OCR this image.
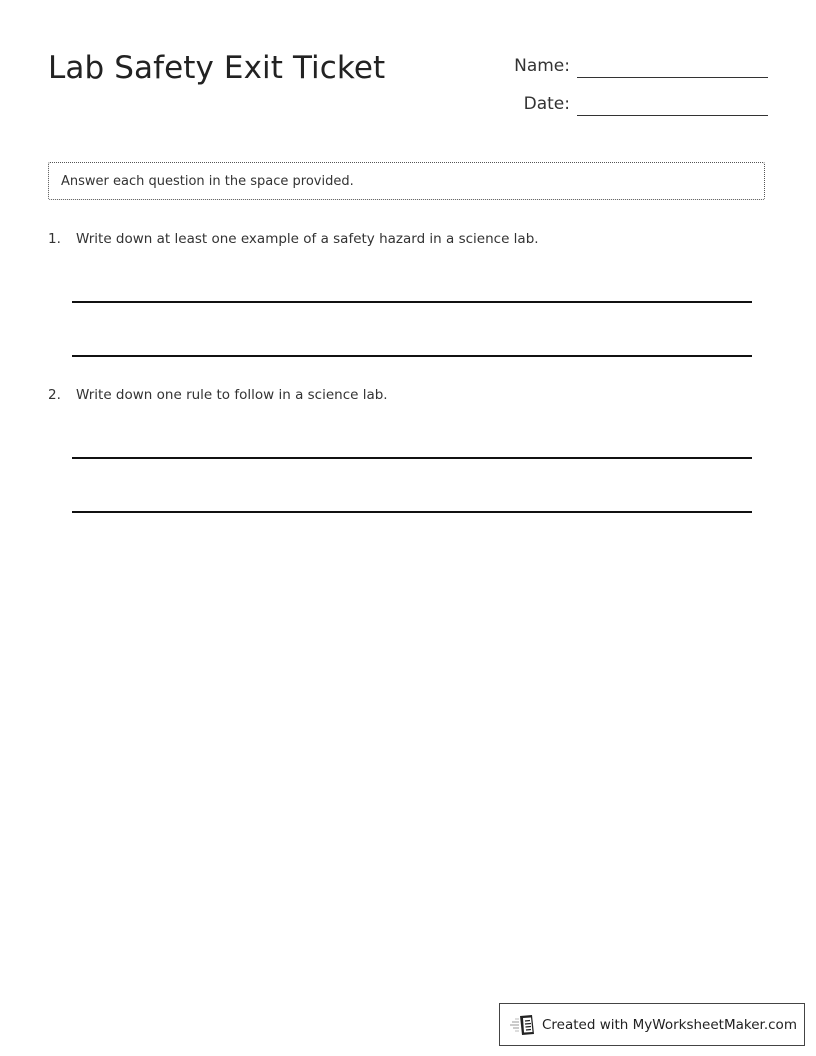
Lab Safety Exit Ticket	Name:
Date:
Answer each question in the space provided.
1. Write down at least one example of a safety hazard in a science lab.
2. Write down one rule to follow in a science lab.
Created with MyWorksheetMaker.com
